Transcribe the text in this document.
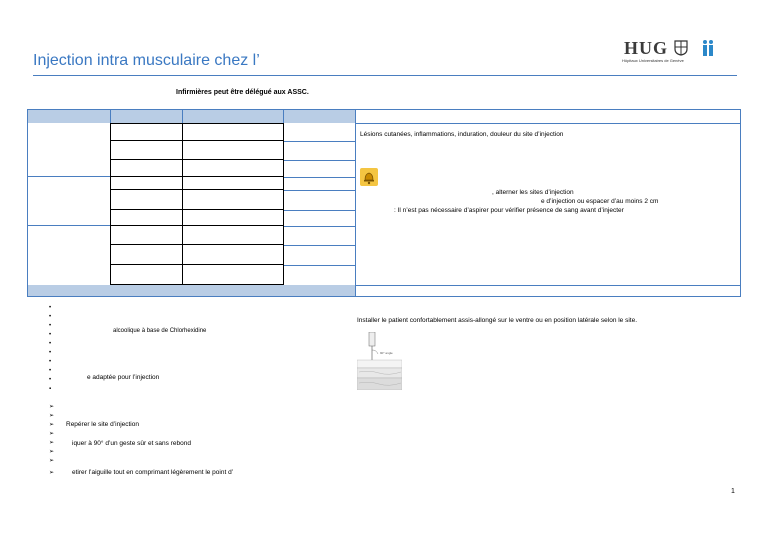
Injection intra musculaire chez l’
HUG
Hôpitaux Universitaires de Genève
Infirmières peut être délégué aux ASSC.
Lésions cutanées, inflammations, induration, douleur du site d’injection
, alterner les sites d’injection
e d’injection ou espacer d’au moins 2 cm
: Il n’est pas nécessaire d’aspirer pour vérifier présence de sang avant d’injecter
•
•
•
•
alcoolique à base de Chlorhexidine
•
•
•
•
•	e adaptée pour l’injection
▪
Installer le patient confortablement assis-allongé sur le ventre ou en position latérale selon le site.
90° angle
➢
➢
➢ Repérer le site d’injection
➢
➢	iquer à 90° d’un geste sûr et sans rebond
➢
➢
➢	etirer l’aiguille tout en comprimant légèrement le point d’
1
